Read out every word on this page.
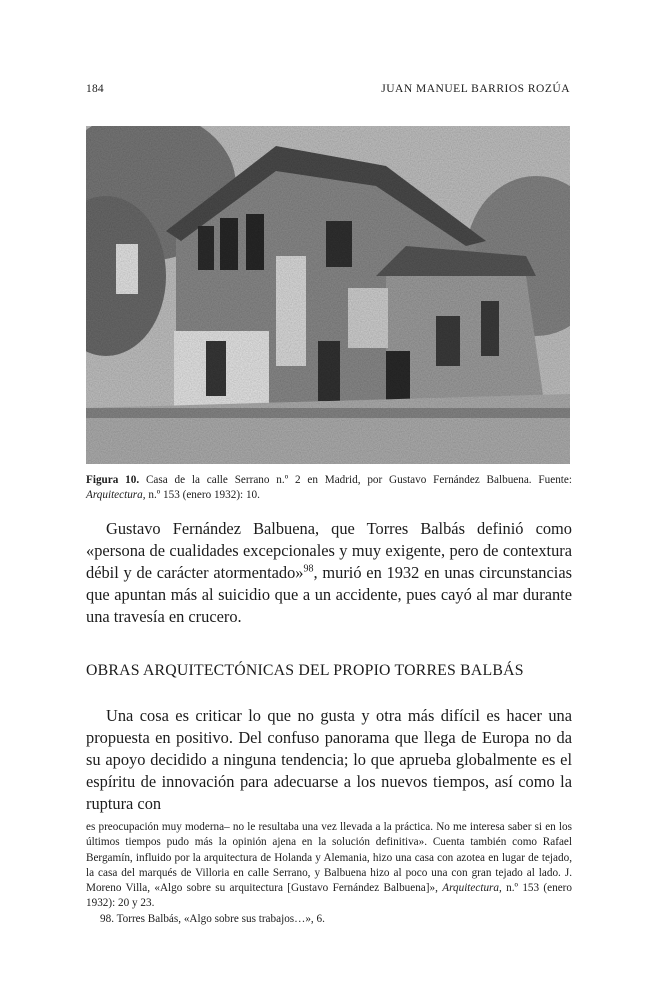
184	JUAN MANUEL BARRIOS ROZÚA
Figura 10. Casa de la calle Serrano n.º 2 en Madrid, por Gustavo Fernández Balbuena. Fuente: Arquitectura, n.º 153 (enero 1932): 10.

Gustavo Fernández Balbuena, que Torres Balbás definió como «persona de cualidades excepcionales y muy exigente, pero de contextura débil y de carácter atormentado»$^{98}$, murió en 1932 en unas circunstancias que apuntan más al suicidio que a un accidente, pues cayó al mar durante una travesía en crucero.

OBRAS ARQUITECTÓNICAS DEL PROPIO TORRES BALBÁS

Una cosa es criticar lo que no gusta y otra más difícil es hacer una propuesta en positivo. Del confuso panorama que llega de Europa no da su apoyo decidido a ninguna tendencia; lo que aprueba globalmente es el espíritu de innovación para adecuarse a los nuevos tiempos, así como la ruptura con

es preocupación muy moderna– no le resultaba una vez llevada a la práctica. No me interesa saber si en los últimos tiempos pudo más la opinión ajena en la solución definitiva». Cuenta también como Rafael Bergamín, influido por la arquitectura de Holanda y Alemania, hizo una casa con azotea en lugar de tejado, la casa del marqués de Villoria en calle Serrano, y Balbuena hizo al poco una con gran tejado al lado. J. Moreno Villa, «Algo sobre su arquitectura [Gustavo Fernández Balbuena]», Arquitectura, n.º 153 (enero 1932): 20 y 23.

98. Torres Balbás, «Algo sobre sus trabajos…», 6.
